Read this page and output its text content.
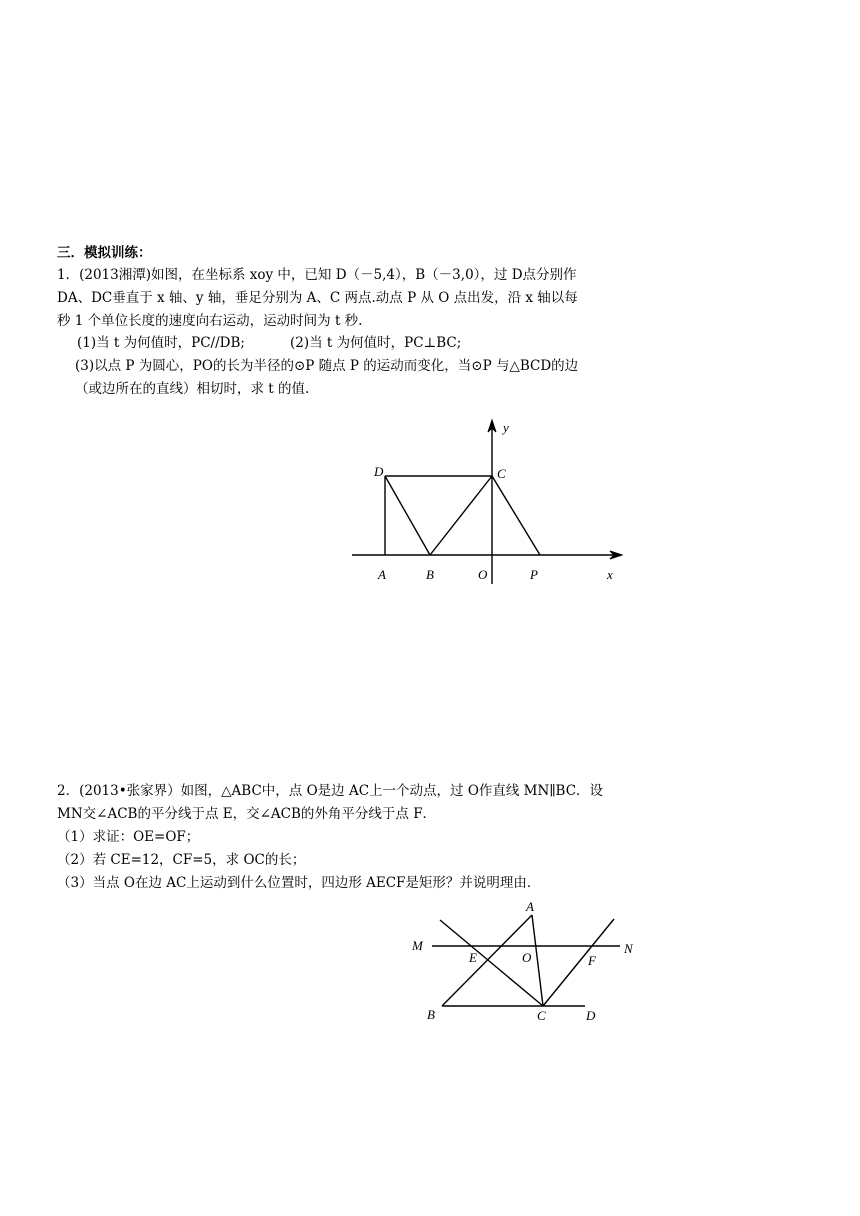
三．模拟训练：
1．(2013湘潭)如图，在坐标系 xoy 中，已知 D（－5,4），B（－3,0），过 D点分别作
DA、DC垂直于 x 轴、y 轴，垂足分别为 A、C 两点.动点 P 从 O 点出发，沿 x 轴以每
秒 1 个单位长度的速度向右运动，运动时间为 t 秒.
(1)当 t 为何值时，PC//DB;	(2)当 t 为何值时，PC⊥BC;
(3)以点 P 为圆心，PO的长为半径的⊙P 随点 P 的运动而变化，当⊙P 与△BCD的边
（或边所在的直线）相切时，求 t 的值.
D	C
A	B	O	P	x
y
2．(2013•张家界）如图，△ABC中，点 O是边 AC上一个动点，过 O作直线 MN∥BC．设
MN交∠ACB的平分线于点 E，交∠ACB的外角平分线于点 F．
（1）求证：OE=OF；
（2）若 CE=12，CF=5，求 OC的长；
（3）当点 O在边 AC上运动到什么位置时，四边形 AECF是矩形？并说明理由．
A
M	N
E	O	F
B	C	D
